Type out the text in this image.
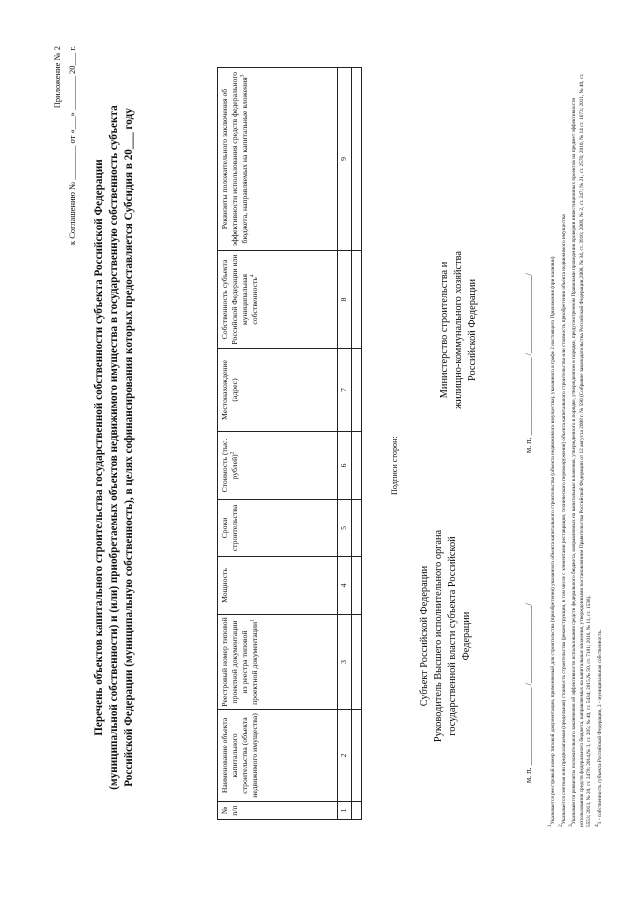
Приложение № 2 к Соглашению № ________ от «___» ________ 20___ г.
Перечень объектов капитального строительства государственной собственности субъекта Российской Федерации (муниципальной собственности) и (или) приобретаемых объектов недвижимого имущества в государственную собственность субъекта Российской Федерации (муниципальную собственность), в целях софинансирования которых предоставляется Субсидия в 20___ году
№ п/п	Наименование объекта капитального строительства (объекта недвижимого имущества)	Реестровый номер типовой проектной документации из реестра типовой проектной документации$^1$	Мощность	Сроки строительства	Стоимость (тыс. рублей)$^2$	Местонахождение (адрес)	Собственность субъекта Российской Федерации или муниципальная собственность$^4$	Реквизиты положительного заключения об эффективности использования средств федерального бюджета, направляемых на капитальные вложения$^3$
1	2	3	4	5	6	7	8	9

Подписи сторон:
Субъект Российской Федерации Руководитель Высшего исполнительного органа государственной власти субъекта Российской Федерации
Министерство строительства и жилищно-коммунального хозяйства Российской Федерации
м. п. ___________________ /___________________/
м. п. ___________________ /___________________/
$^1$Указывается реестровый номер типовой документации, применяемый для строительства (приобретения) указанного объекта капитального строительства (объекта недвижимого имущества), указанного в графе 2 настоящего Приложения (при наличии)
$^2$Указывается сметная или предполагаемая (предельная) стоимость строительства (реконструкции, в том числе с элементами реставрации, технического перевооружения) объекта капитального строительства или стоимость приобретения объекта недвижимого имущества
$^3$Указываются реквизиты положительного заключения об эффективности использования средств федерального бюджета, направляемых на капитальные вложения, утвержденного в порядке, утвержденном в порядке, предусмотренном Правилами проведения проверки инвестиционных проектов на предмет эффективности использования средств федерального бюджета, направляемых на капитальные вложения, утвержденными постановлением Правительства Российской Федерации от 12 августа 2008 г. № 590 (Собрание законодательства Российской Федерации,2008, № 34, ст. 3916; 2009, № 2, ст. 247; № 21, ст. 2576; 2010, № 14 ст. 1673; 2011, № 40, ст. 5553; 2013, № 20, ст. 2478; 2014,№ 3, ст. 285; № 40, ст. 5434; 2015,№ 50, ст. 7181; 2016, № 11, ст. 1538). $^4$1 - собственность субъекта Российской Федерации, 2 - муниципальная собственность.
